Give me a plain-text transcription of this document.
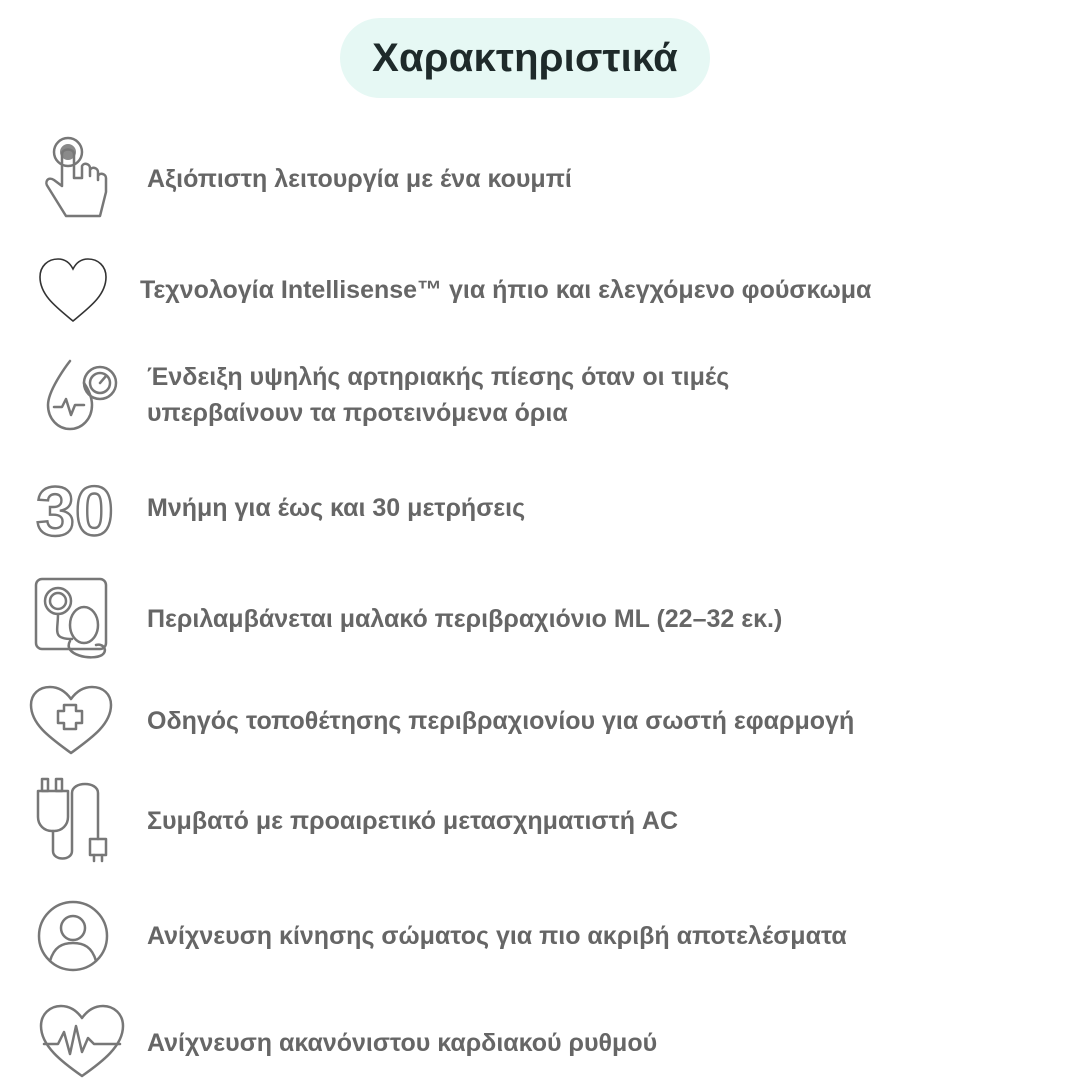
Χαρακτηριστικά

Αξιόπιστη λειτουργία με ένα κουμπί

Τεχνολογία Intellisense™ για ήπιο και ελεγχόμενο φούσκωμα

Ένδειξη υψηλής αρτηριακής πίεσης όταν οι τιμές

υπερβαίνουν τα προτεινόμενα όρια

30 Μνήμη για έως και 30 μετρήσεις

Περιλαμβάνεται μαλακό περιβραχιόνιο ML (22–32 εκ.)

Οδηγός τοποθέτησης περιβραχιονίου για σωστή εφαρμογή

Συμβατό με προαιρετικό μετασχηματιστή AC

Ανίχνευση κίνησης σώματος για πιο ακριβή αποτελέσματα

Ανίχνευση ακανόνιστου καρδιακού ρυθμού
